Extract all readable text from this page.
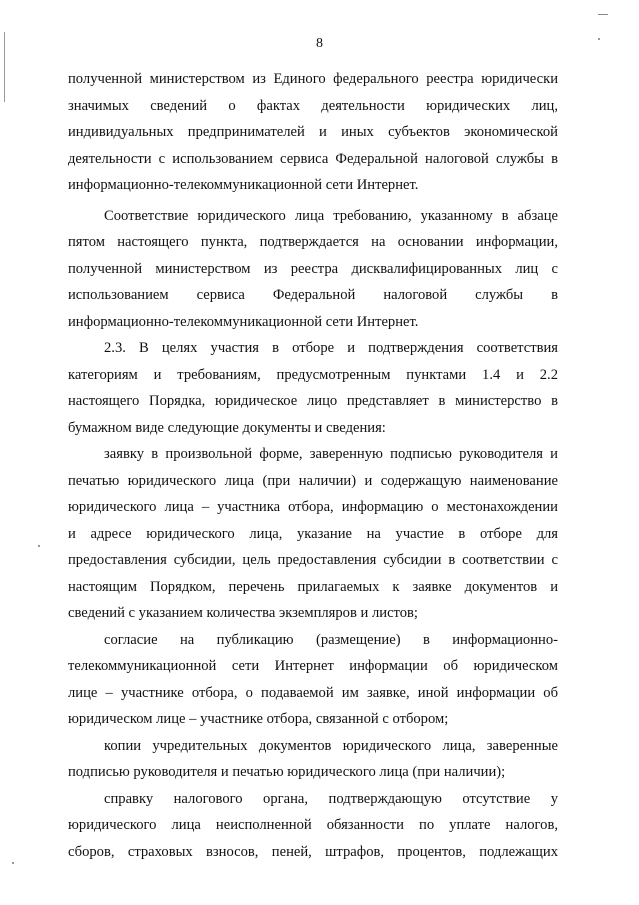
8
полученной министерством из Единого федерального реестра юридически
значимых сведений о фактах деятельности юридических лиц,
индивидуальных предпринимателей и иных субъектов экономической
деятельности с использованием сервиса Федеральной налоговой службы в
информационно-телекоммуникационной сети Интернет.
Соответствие юридического лица требованию, указанному в абзаце
пятом настоящего пункта, подтверждается на основании информации,
полученной министерством из реестра дисквалифицированных лиц с
использованием сервиса Федеральной налоговой службы в
информационно-телекоммуникационной сети Интернет.
2.3. В целях участия в отборе и подтверждения соответствия
категориям и требованиям, предусмотренным пунктами 1.4 и 2.2
настоящего Порядка, юридическое лицо представляет в министерство в
бумажном виде следующие документы и сведения:
заявку в произвольной форме, заверенную подписью руководителя и
печатью юридического лица (при наличии) и содержащую наименование
юридического лица – участника отбора, информацию о местонахождении
и адресе юридического лица, указание на участие в отборе для
предоставления субсидии, цель предоставления субсидии в соответствии с
настоящим Порядком, перечень прилагаемых к заявке документов и
сведений с указанием количества экземпляров и листов;
согласие на публикацию (размещение) в информационно-
телекоммуникационной сети Интернет информации об юридическом
лице – участнике отбора, о подаваемой им заявке, иной информации об
юридическом лице – участнике отбора, связанной с отбором;
копии учредительных документов юридического лица, заверенные
подписью руководителя и печатью юридического лица (при наличии);
справку налогового органа, подтверждающую отсутствие у
юридического лица неисполненной обязанности по уплате налогов,
сборов, страховых взносов, пеней, штрафов, процентов, подлежащих
